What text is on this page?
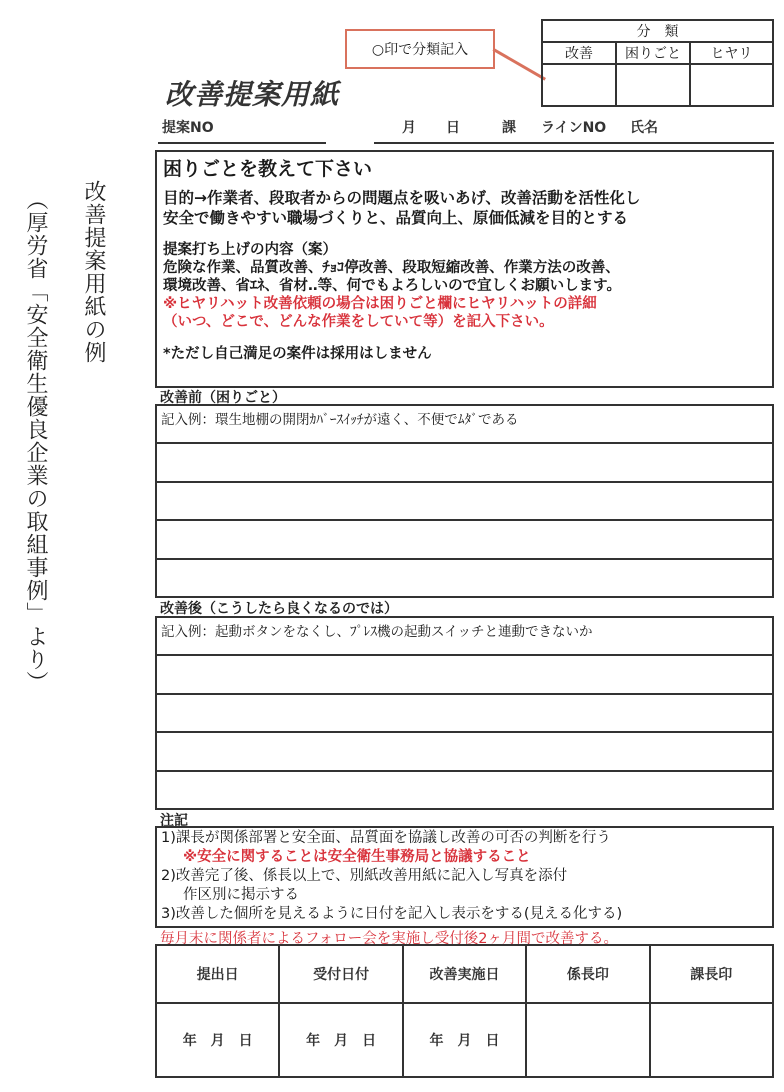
改善提案用紙の例
（厚労省「安全衛生優良企業の取組事例」より）
○印で分類記入
分　類		
改善	困りごと	ヒヤリ

改善提案用紙
提案NO	月 日	課 ラインNO 氏名
困りごとを教えて下さい

目的→作業者、段取者からの問題点を吸いあげ、改善活動を活性化し

安全で働きやすい職場づくりと、品質向上、原価低減を目的とする

提案打ち上げの内容（案）

危険な作業、品質改善、ﾁｮｺ停改善、段取短縮改善、作業方法の改善、

環境改善、省ｴﾈ、省材‥等、何でもよろしいので宜しくお願いします。

※ヒヤリハット改善依頼の場合は困りごと欄にヒヤリハットの詳細

（いつ、どこで、どんな作業をしていて等）を記入下さい。

*ただし自己満足の案件は採用はしません

改善前（困りごと）
記入例：環生地棚の開閉ｶﾊﾞｰｽｲｯﾁが遠く、不便でﾑﾀﾞである
改善後（こうしたら良くなるのでは）
記入例：起動ボタンをなくし、ﾌﾟﾚｽ機の起動スイッチと連動できないか
注記
1)課長が関係部署と安全面、品質面を協議し改善の可否の判断を行う
※安全に関することは安全衛生事務局と協議すること
2)改善完了後、係長以上で、別紙改善用紙に記入し写真を添付
作区別に掲示する
3)改善した個所を見えるように日付を記入し表示をする(見える化する)
毎月末に関係者によるフォロー会を実施し受付後2ヶ月間で改善する。
提出日	受付日付	改善実施日	係長印	課長印
年　月　日	年　月　日	年　月　日		
